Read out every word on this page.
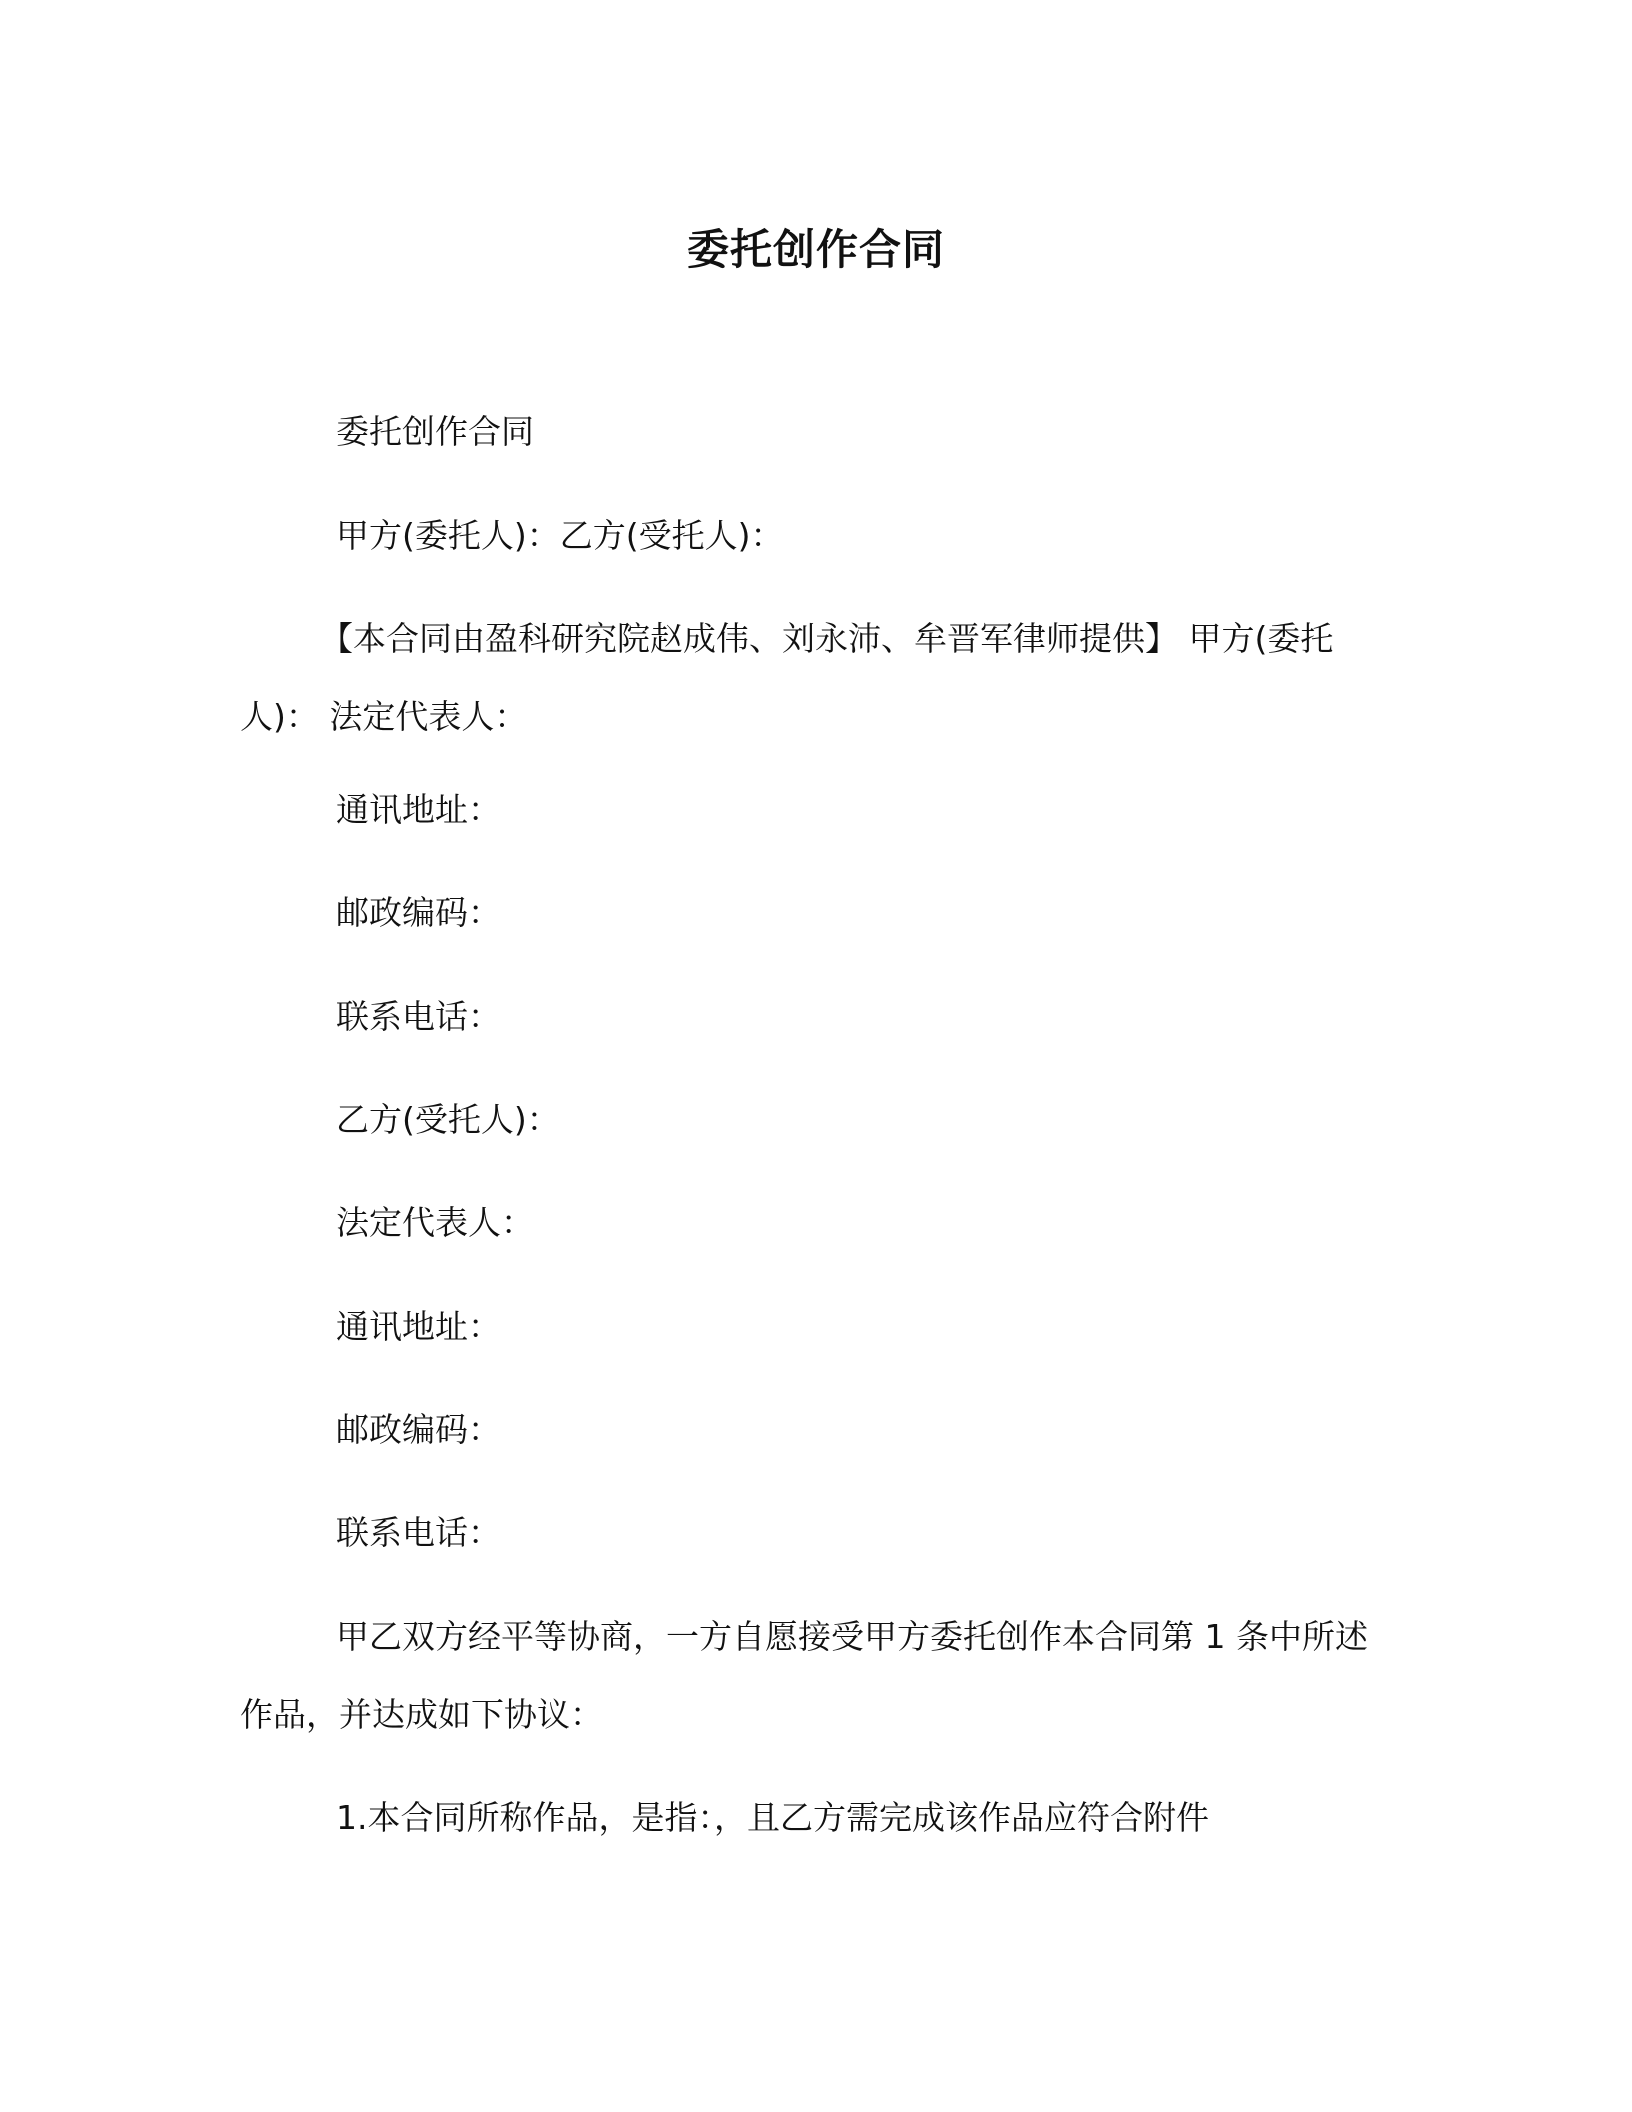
委托创作合同
委托创作合同
甲方(委托人)：乙方(受托人)：
【本合同由盈科研究院赵成伟、刘永沛、牟晋军律师提供】 甲方(委托人)： 法定代表人：
通讯地址：
邮政编码：
联系电话：
乙方(受托人)：
法定代表人：
通讯地址：
邮政编码：
联系电话：
甲乙双方经平等协商，一方自愿接受甲方委托创作本合同第 1 条中所述作品，并达成如下协议：
1.本合同所称作品，是指：，且乙方需完成该作品应符合附件
